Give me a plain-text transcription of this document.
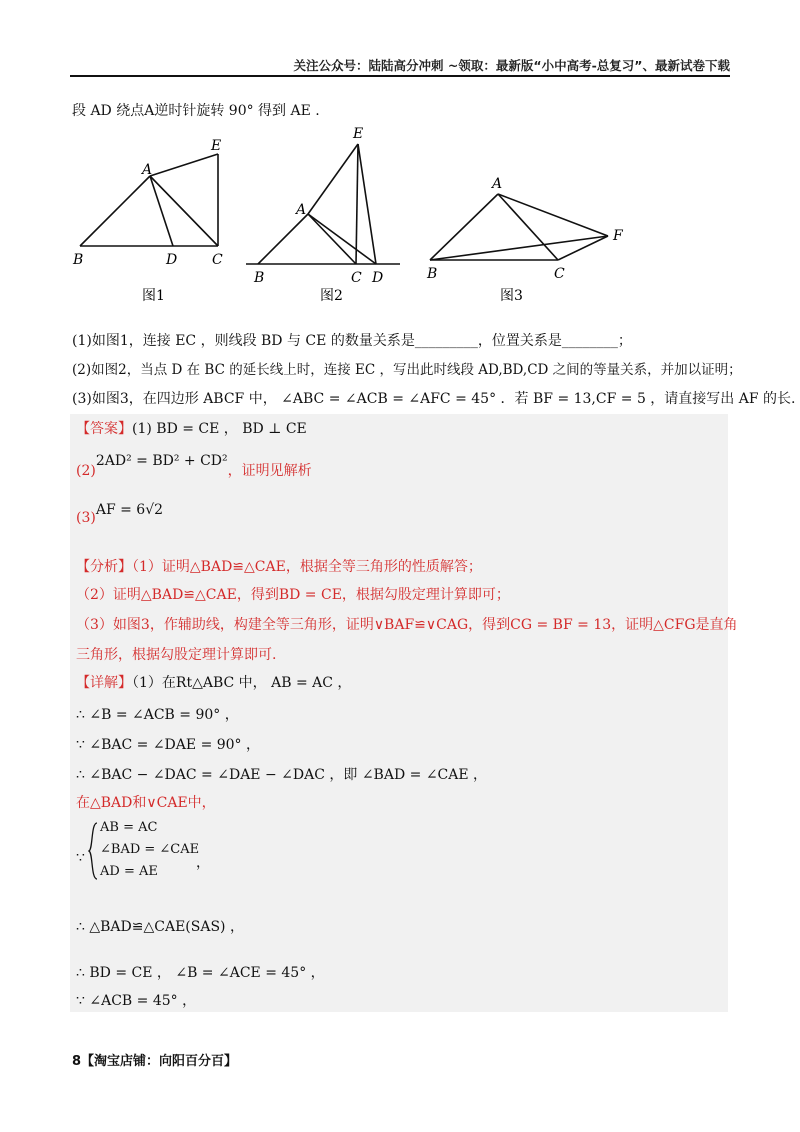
关注公众号：陆陆高分冲刺 ~领取：最新版“小中高考-总复习”、最新试卷下载
段 AD 绕点A逆时针旋转 90° 得到 AE .
A
E
B	D C
图1
E
A
B	C D
图2
A
F
B	C
图3
(1)如图1，连接 EC ，则线段 BD 与 CE 的数量关系是_________，位置关系是________；
(2)如图2，当点 D 在 BC 的延长线上时，连接 EC ，写出此时线段 AD,BD,CD 之间的等量关系，并加以证明；
(3)如图3，在四边形 ABCF 中， ∠ABC = ∠ACB = ∠AFC = 45° ．若 BF = 13,CF = 5 ，请直接写出 AF 的长.
【答案】(1) BD = CE ， BD ⊥ CE
(2)2AD² = BD² + CD²，证明见解析
(3)AF = 6√2
【分析】（1）证明△BAD≌△CAE，根据全等三角形的性质解答；
（2）证明△BAD≌△CAE，得到BD = CE，根据勾股定理计算即可；
（3）如图3，作辅助线，构建全等三角形，证明∨BAF≌∨CAG，得到CG = BF = 13，证明△CFG是直角
三角形，根据勾股定理计算即可.
【详解】（1）在Rt△ABC 中， AB = AC ，
∴ ∠B = ∠ACB = 90° ，
∵ ∠BAC = ∠DAE = 90° ，
∴ ∠BAC − ∠DAC = ∠DAE − ∠DAC ，即 ∠BAD = ∠CAE ，
在△BAD和∨CAE中，
∵
AB = AC
∠BAD = ∠CAE
AD = AE
，
∴ △BAD≌△CAE(SAS) ，
∴ BD = CE ， ∠B = ∠ACE = 45° ，
∵ ∠ACB = 45° ，
8【淘宝店铺：向阳百分百】
